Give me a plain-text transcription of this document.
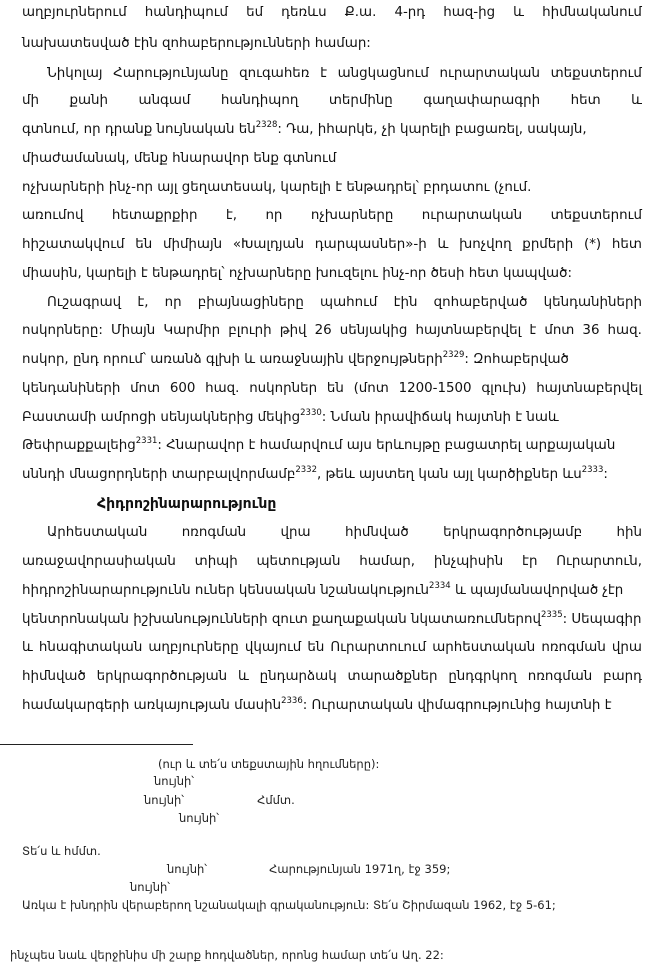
աղբյուրներում հանդիպում եմ դեռևս Ք.ա. 4-րդ հազ-ից և հիմնականում
նախատեսված էին զոհաբերությունների համար:
Նիկոլայ Հարությունյանը զուգահեռ է անցկացնում ուրարտական տեքստերում
մի քանի անգամ հանդիպող տերմինը գաղափարագրի հետ և
գտնում, որ դրանք նույնական են$^{2328}$: Դա, իհարկե, չի կարելի բացառել, սակայն,
միաժամանակ, մենք հնարավոր ենք գտնում
ոչխարների ինչ-որ այլ ցեղատեսակ, կարելի է ենթադրել՝ բրդատու (չում.
առումով հետաքրքիր է, որ ոչխարները ուրարտական տեքստերում
հիշատակվում են միմիայն «Խալդյան դարպասներ»-ի և խոչվող քրմերի (*) հետ
միասին, կարելի է ենթադրել՝ ոչխարները խուզելու ինչ-որ ծեսի հետ կապված:
Ուշագրավ է, որ բիայնացիները պահում էին զոհաբերված կենդանիների
ոսկորները: Միայն Կարմիր բլուրի թիվ 26 սենյակից հայտնաբերվել է մոտ 36 հազ.
ոսկոր, ընդ որում՝ առանձ գլխի և առաջնային վերջույթների$^{2329}$: Զոհաբերված
կենդանիների մոտ 600 հազ. ոսկորներ են (մոտ 1200-1500 գլուխ) հայտնաբերվել
Բաստամի ամրոցի սենյակներից մեկից$^{2330}$: Նման իրավիճակ հայտնի է նաև
Թեփրաքքալեից$^{2331}$: Հնարավոր է համարվում այս երևույթը բացատրել արքայական
սննդի մնացորդների տարբալվորմամբ$^{2332}$, թեև այստեղ կան այլ կարծիքներ ևս$^{2333}$:
Արհեստական	ոռոգման	վրա	հիմնված	երկրագործությամբ	հին
առաջավորասիական տիպի պետության համար, ինչպիսին էր Ուրարտուն,
հիդրոշինարարությունն ուներ կենսական նշանակություն$^{2334}$ և պայմանավորված չէր
կենտրոնական իշխանությունների զուտ քաղաքական նկատառումներով$^{2335}$: Սեպագիր
և հնագիտական աղբյուրները վկայում են Ուրարտուում արհեստական ոռոգման վրա
հիմնված երկրագործության և ընդարձակ տարածքներ ընդգրկող ոռոգման բարդ
համակարգերի առկայության մասին$^{2336}$: Ուրարտական վիմագրությունից հայտնի է
Հիդրոշինարարությունը
(ուր և տե՛ս տեքստային հղումները):
նույնի՝
նույնի՝                    Հմմտ.
նույնի՝
Տե՛ս և հմմտ.
նույնի՝                 Հարությունյան 1971ղ, էջ 359;
նույնի՝
Առկա է խնդրին վերաբերող նշանակալի գրականություն: Տե՛ս Շիրմազան 1962, էջ 5-61;
ինչպես նաև վերջինիս մի շարք հոդվածներ, որոնց համար տե՛ս Աղ. 22:
